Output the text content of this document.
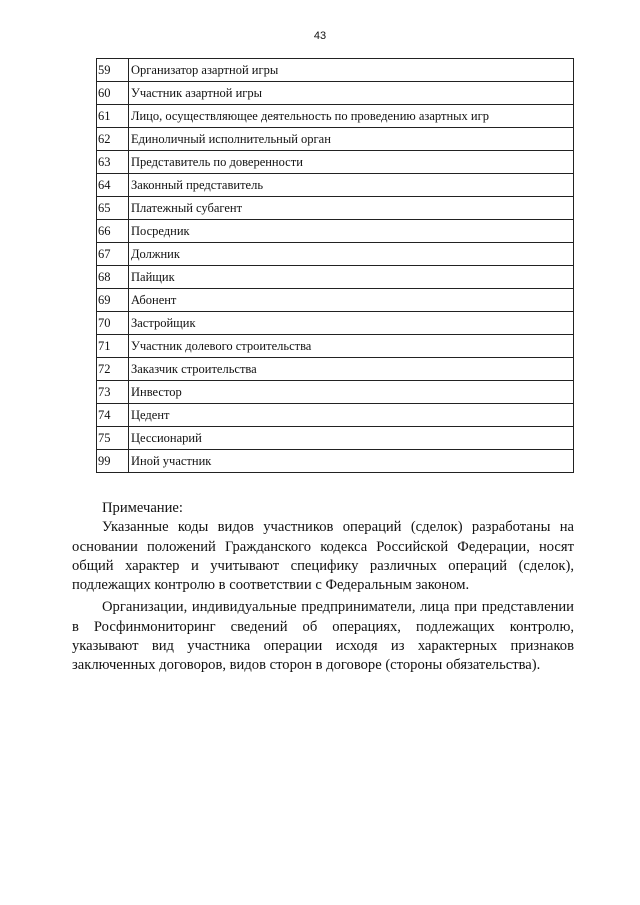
43
59	Организатор азартной игры
60	Участник азартной игры
61	Лицо, осуществляющее деятельность по проведению азартных игр
62	Единоличный исполнительный орган
63	Представитель по доверенности
64	Законный представитель
65	Платежный субагент
66	Посредник
67	Должник
68	Пайщик
69	Абонент
70	Застройщик
71	Участник долевого строительства
72	Заказчик строительства
73	Инвестор
74	Цедент
75	Цессионарий
99	Иной участник

Примечание:

Указанные коды видов участников операций (сделок) разработаны на основании положений Гражданского кодекса Российской Федерации, носят общий характер и учитывают специфику различных операций (сделок), подлежащих контролю в соответствии с Федеральным законом.

Организации, индивидуальные предприниматели, лица при представлении в Росфинмониторинг сведений об операциях, подлежащих контролю, указывают вид участника операции исходя из характерных признаков заключенных договоров, видов сторон в договоре (стороны обязательства).
